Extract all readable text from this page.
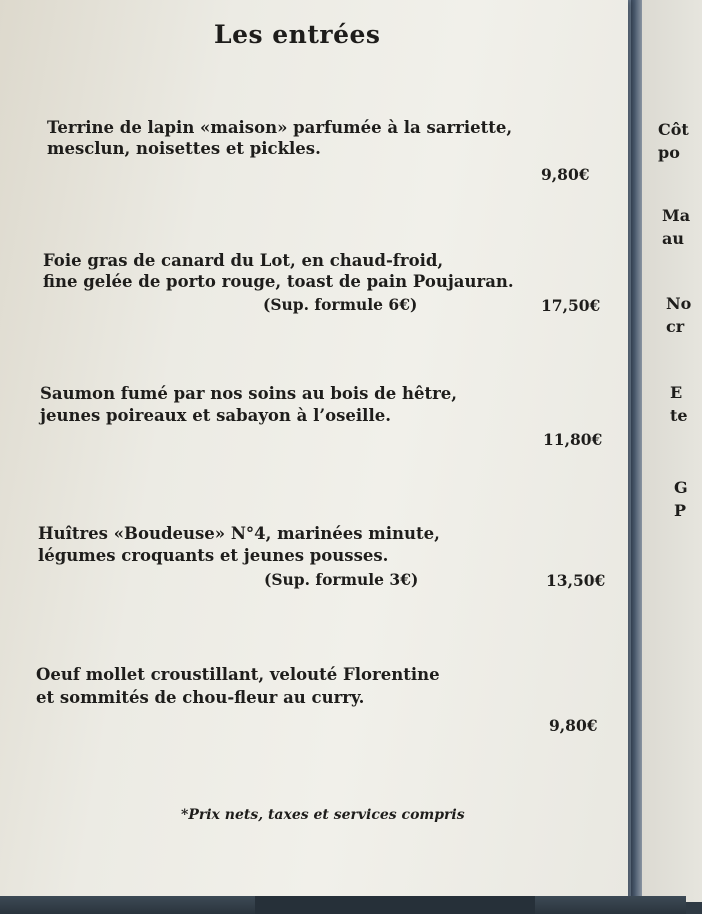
Côt
po
Ma
au
No
cr
E
te
G
P
Les entrées
Terrine de lapin «maison» parfumée à la sarriette,
mesclun, noisettes et pickles.
9,80€
Foie gras de canard du Lot, en chaud-froid,
fine gelée de porto rouge, toast de pain Poujauran.
(Sup. formule 6€)	17,50€
Saumon fumé par nos soins au bois de hêtre,
jeunes poireaux et sabayon à l’oseille.
11,80€
Huîtres «Boudeuse» N°4, marinées minute,
légumes croquants et jeunes pousses.
(Sup. formule 3€)	13,50€
Oeuf mollet croustillant, velouté Florentine
et sommités de chou-fleur au curry.
9,80€
*Prix nets, taxes et services compris
